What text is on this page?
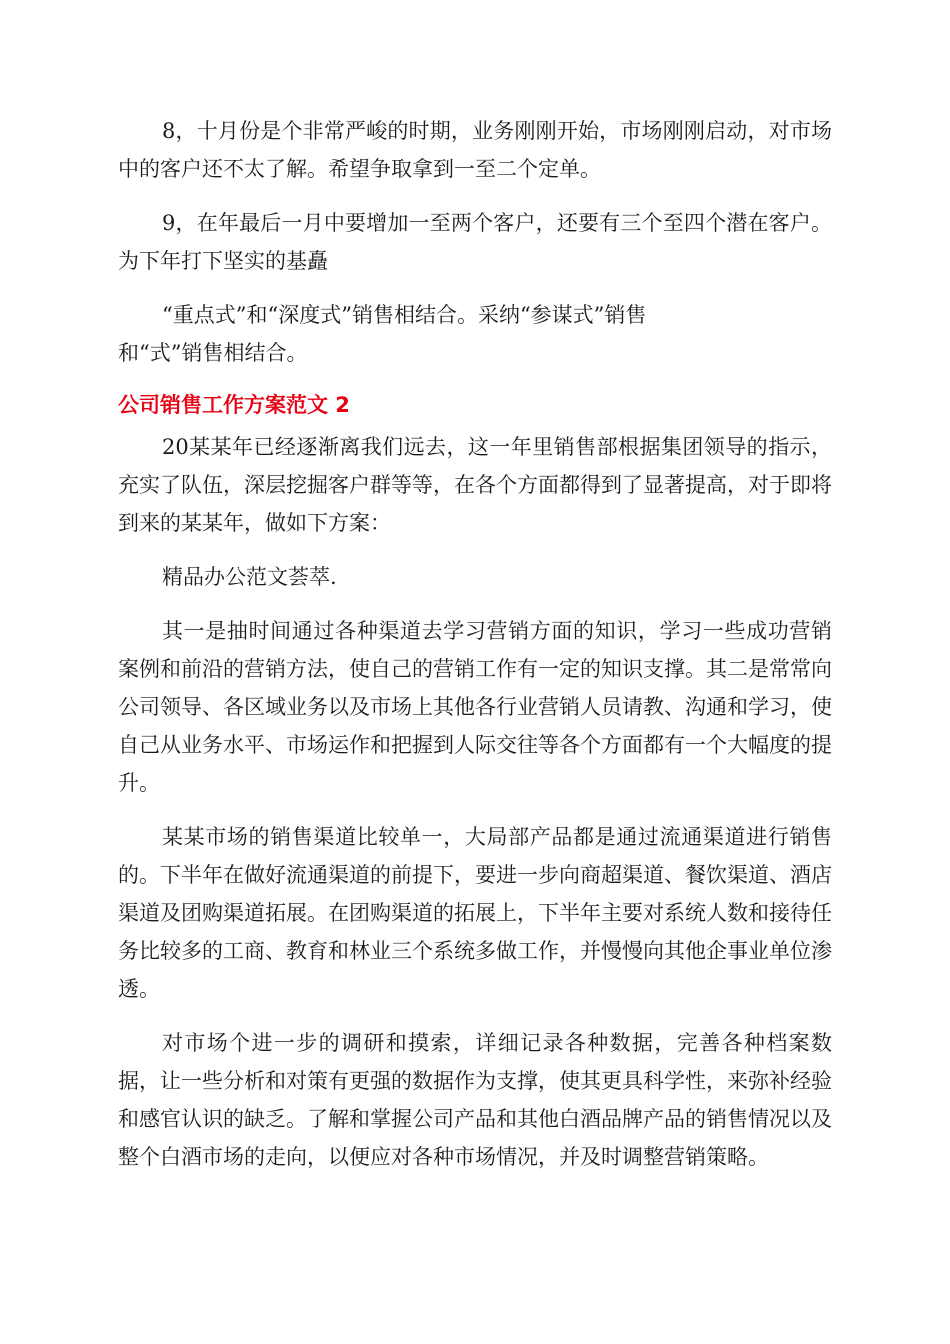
8，十月份是个非常严峻的时期，业务刚刚开始，市场刚刚启动，对市场中的客户还不太了解。希望争取拿到一至二个定单。

9，在年最后一月中要增加一至两个客户，还要有三个至四个潜在客户。为下年打下坚实的基矗

“重点式”和“深度式”销售相结合。采纳“参谋式”销售

和“式”销售相结合。

公司销售工作方案范文 2

20某某年已经逐渐离我们远去，这一年里销售部根据集团领导的指示，充实了队伍，深层挖掘客户群等等，在各个方面都得到了显著提高，对于即将到来的某某年，做如下方案：

精品办公范文荟萃.

其一是抽时间通过各种渠道去学习营销方面的知识，学习一些成功营销案例和前沿的营销方法，使自己的营销工作有一定的知识支撑。其二是常常向公司领导、各区域业务以及市场上其他各行业营销人员请教、沟通和学习，使自己从业务水平、市场运作和把握到人际交往等各个方面都有一个大幅度的提升。

某某市场的销售渠道比较单一，大局部产品都是通过流通渠道进行销售的。下半年在做好流通渠道的前提下，要进一步向商超渠道、餐饮渠道、酒店渠道及团购渠道拓展。在团购渠道的拓展上，下半年主要对系统人数和接待任务比较多的工商、教育和林业三个系统多做工作，并慢慢向其他企事业单位渗透。

对市场个进一步的调研和摸索，详细记录各种数据，完善各种档案数据，让一些分析和对策有更强的数据作为支撑，使其更具科学性，来弥补经验和感官认识的缺乏。了解和掌握公司产品和其他白酒品牌产品的销售情况以及整个白酒市场的走向，以便应对各种市场情况，并及时调整营销策略。
